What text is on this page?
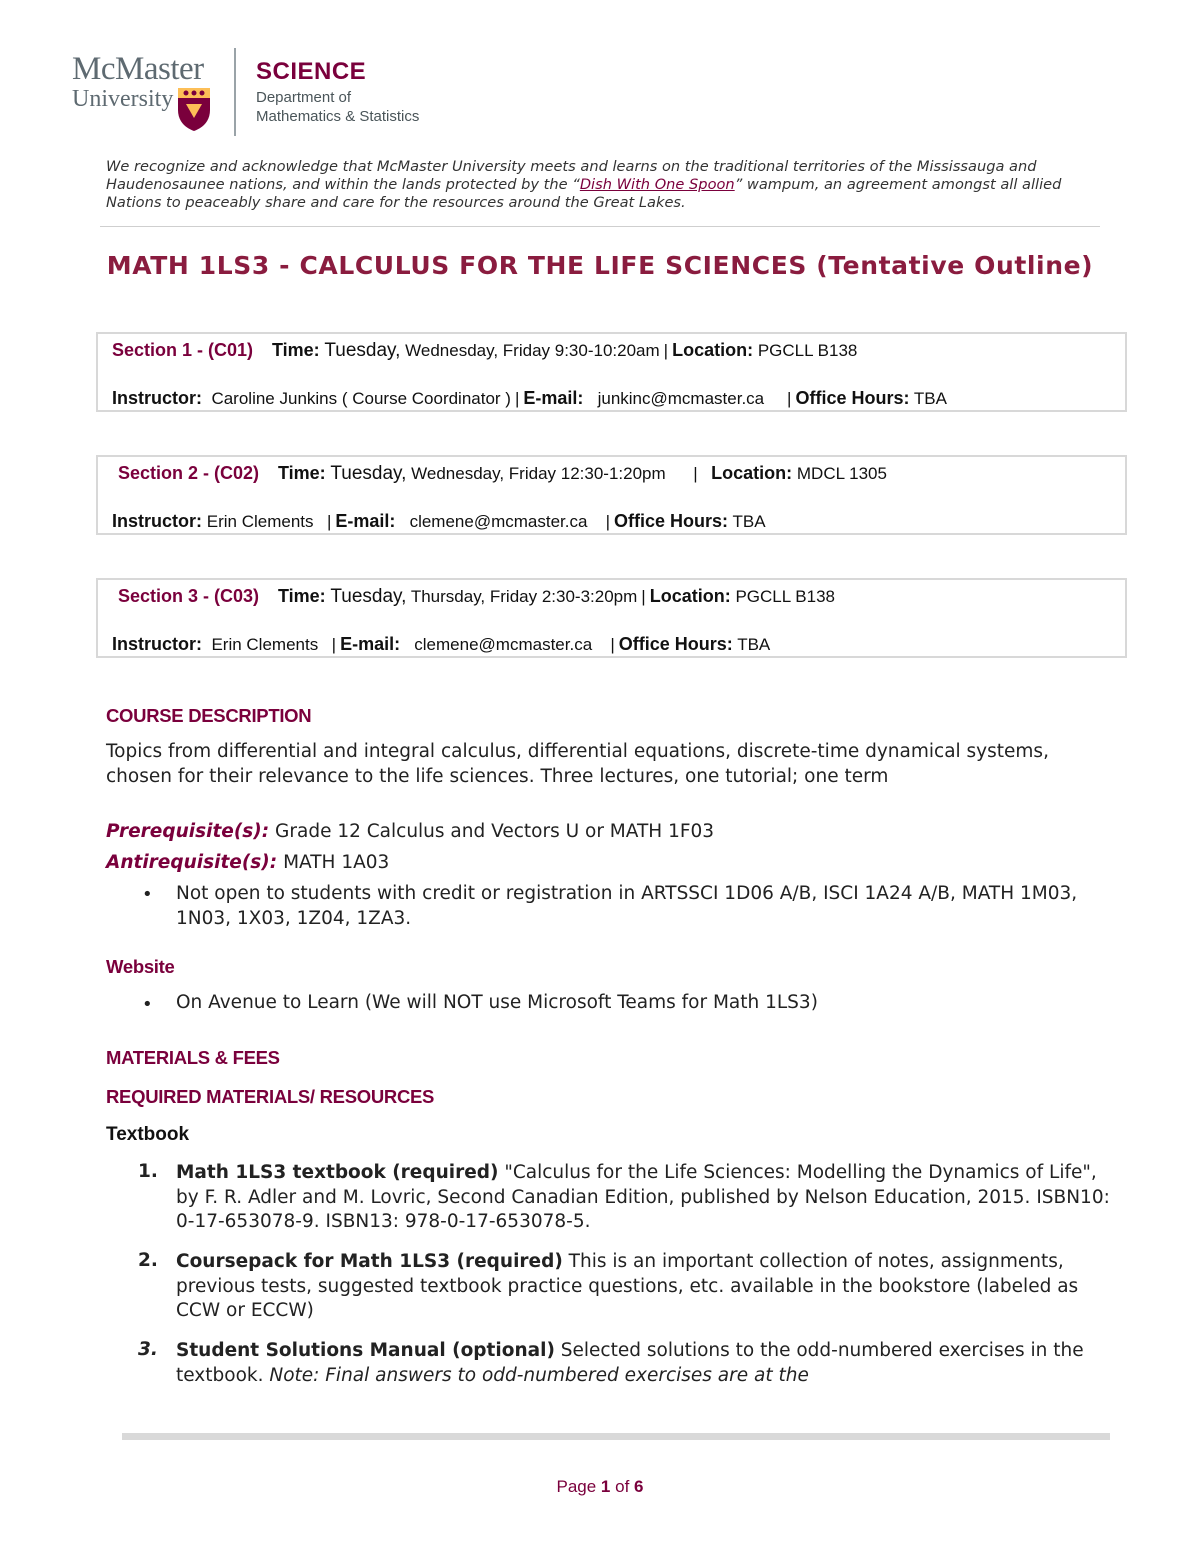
McMaster
University
SCIENCE
Department of
Mathematics & Statistics
We recognize and acknowledge that McMaster University meets and learns on the traditional territories of the Mississauga and Haudenosaunee nations, and within the lands protected by the “Dish With One Spoon” wampum, an agreement amongst all allied Nations to peaceably share and care for the resources around the Great Lakes.
MATH 1LS3 - CALCULUS FOR THE LIFE SCIENCES (Tentative Outline)
Section 1 - (C01) Time: Tuesday, Wednesday, Friday 9:30-10:20am | Location: PGCLL B138
Instructor: Caroline Junkins ( Course Coordinator ) | E-mail: junkinc@mcmaster.ca | Office Hours: TBA
Section 2 - (C02) Time: Tuesday, Wednesday, Friday 12:30-1:20pm | Location: MDCL 1305
Instructor: Erin Clements | E-mail: clemene@mcmaster.ca | Office Hours: TBA
Section 3 - (C03) Time: Tuesday, Thursday, Friday 2:30-3:20pm | Location: PGCLL B138
Instructor: Erin Clements | E-mail: clemene@mcmaster.ca | Office Hours: TBA
COURSE DESCRIPTION
Topics from differential and integral calculus, differential equations, discrete-time dynamical systems, chosen for their relevance to the life sciences. Three lectures, one tutorial; one term
Prerequisite(s): Grade 12 Calculus and Vectors U or MATH 1F03
Antirequisite(s): MATH 1A03
• Not open to students with credit or registration in ARTSSCI 1D06 A/B, ISCI 1A24 A/B, MATH 1M03, 1N03, 1X03, 1Z04, 1ZA3.
Website
• On Avenue to Learn (We will NOT use Microsoft Teams for Math 1LS3)
MATERIALS & FEES
REQUIRED MATERIALS/ RESOURCES
Textbook
1. Math 1LS3 textbook (required) "Calculus for the Life Sciences: Modelling the Dynamics of Life", by F. R. Adler and M. Lovric, Second Canadian Edition, published by Nelson Education, 2015. ISBN10: 0-17-653078-9. ISBN13: 978-0-17-653078-5.
2. Coursepack for Math 1LS3 (required) This is an important collection of notes, assignments, previous tests, suggested textbook practice questions, etc. available in the bookstore (labeled as CCW or ECCW)
3. Student Solutions Manual (optional) Selected solutions to the odd-numbered exercises in the textbook. Note: Final answers to odd-numbered exercises are at the
Page 1 of 6
